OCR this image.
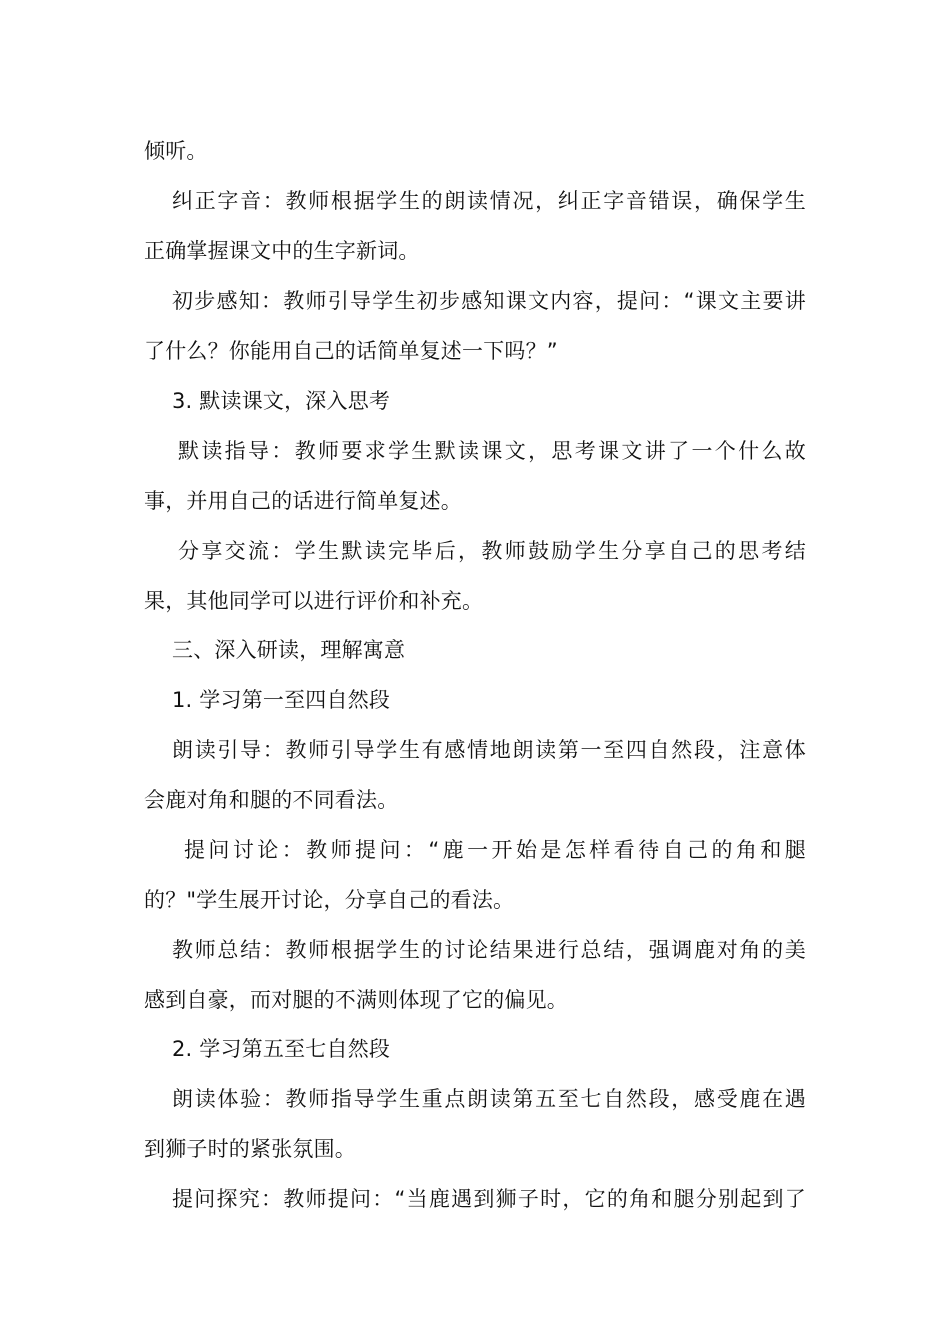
倾听。
纠正字音：教师根据学生的朗读情况，纠正字音错误，确保学生
正确掌握课文中的生字新词。
初步感知：教师引导学生初步感知课文内容，提问：“课文主要讲
了什么？你能用自己的话简单复述一下吗？”
3. 默读课文，深入思考
默读指导：教师要求学生默读课文，思考课文讲了一个什么故
事，并用自己的话进行简单复述。
分享交流：学生默读完毕后，教师鼓励学生分享自己的思考结
果，其他同学可以进行评价和补充。
三、深入研读，理解寓意
1. 学习第一至四自然段
朗读引导：教师引导学生有感情地朗读第一至四自然段，注意体
会鹿对角和腿的不同看法。
提问讨论：教师提问：“鹿一开始是怎样看待自己的角和腿
的？"学生展开讨论，分享自己的看法。
教师总结：教师根据学生的讨论结果进行总结，强调鹿对角的美
感到自豪，而对腿的不满则体现了它的偏见。
2. 学习第五至七自然段
朗读体验：教师指导学生重点朗读第五至七自然段，感受鹿在遇
到狮子时的紧张氛围。
提问探究：教师提问：“当鹿遇到狮子时，它的角和腿分别起到了
